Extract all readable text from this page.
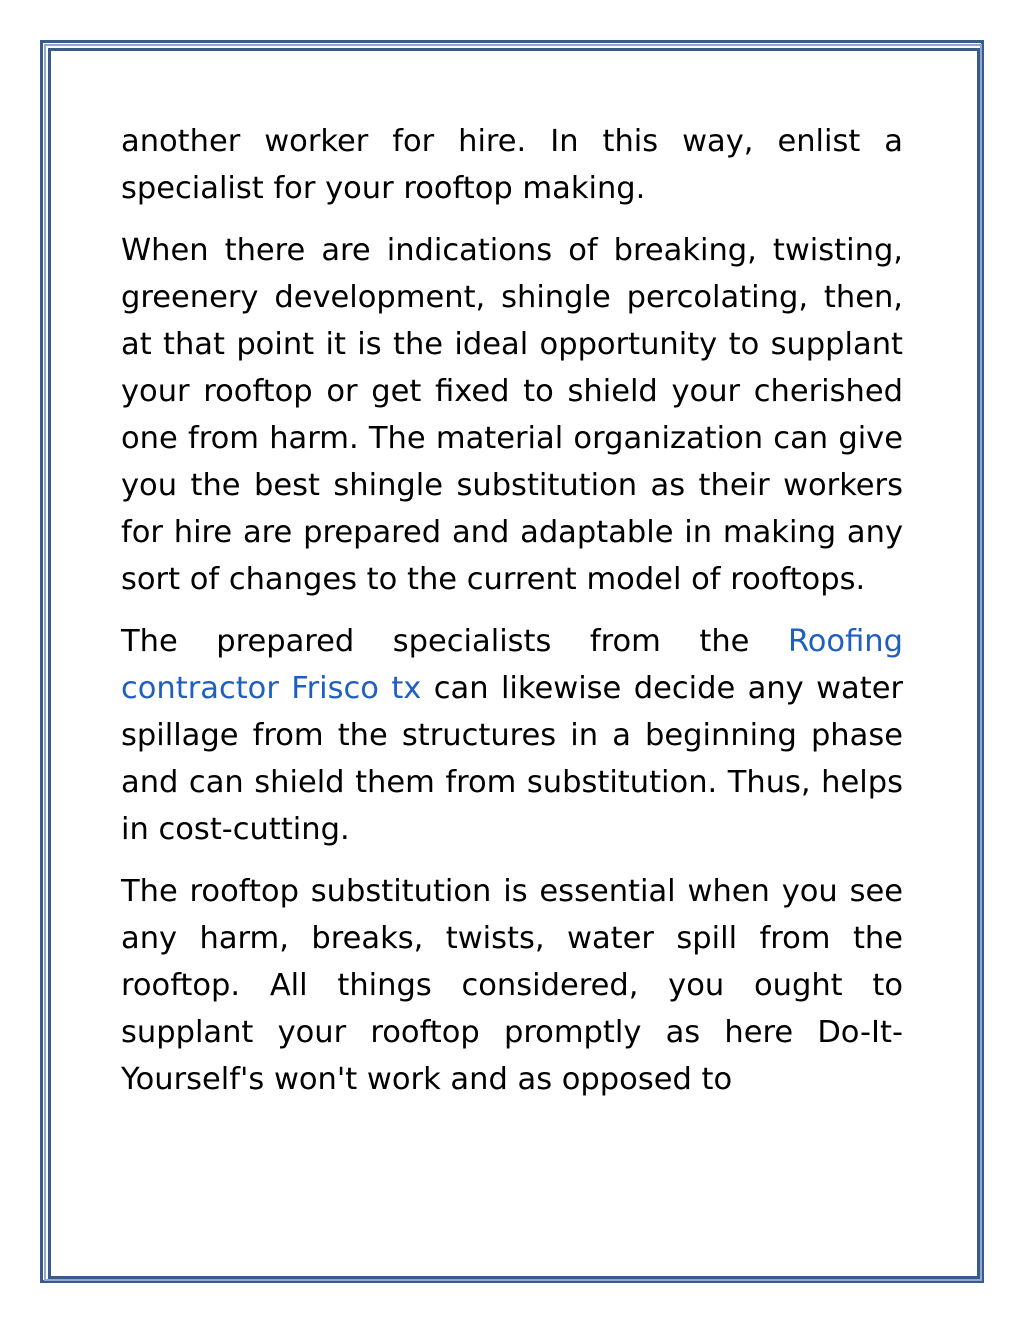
another worker for hire. In this way, enlist a specialist for your rooftop making.

When there are indications of breaking, twisting, greenery development, shingle percolating, then, at that point it is the ideal opportunity to supplant your rooftop or get fixed to shield your cherished one from harm. The material organization can give you the best shingle substitution as their workers for hire are prepared and adaptable in making any sort of changes to the current model of rooftops.

The prepared specialists from the Roofing contractor Frisco tx can likewise decide any water spillage from the structures in a beginning phase and can shield them from substitution. Thus, helps in cost-cutting.

The rooftop substitution is essential when you see any harm, breaks, twists, water spill from the rooftop. All things considered, you ought to supplant your rooftop promptly as here Do-It-Yourself's won't work and as opposed to
